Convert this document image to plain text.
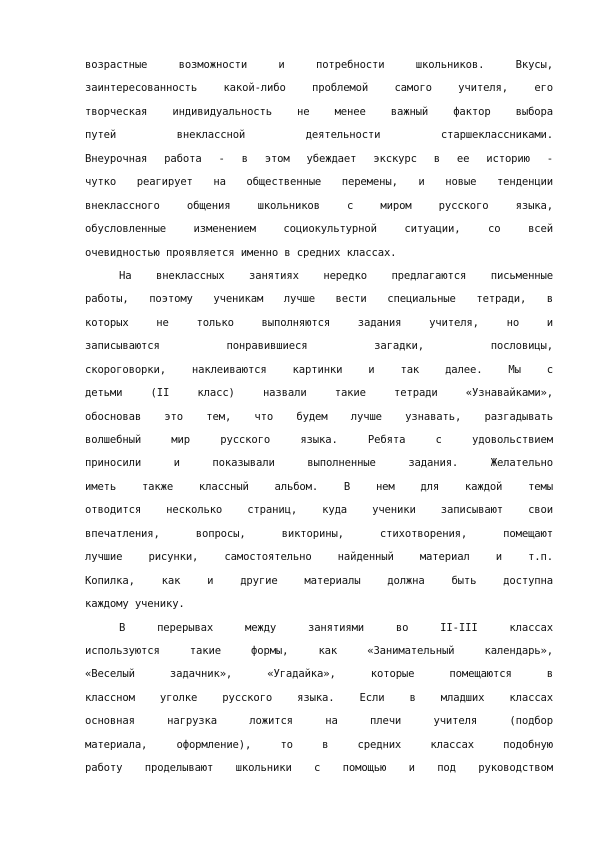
возрастные возможности и потребности школьников. Вкусы,
заинтересованность какой-либо проблемой самого учителя, его
творческая индивидуальность не менее важный фактор выбора
путей внеклассной деятельности старшеклассниками.
Внеурочная работа - в этом убеждает экскурс в ее историю -
чутко реагирует на общественные перемены, и новые тенденции
внеклассного общения школьников с миром русского языка,
обусловленные изменением социокультурной ситуации, со всей
очевидностью проявляется именно в средних классах.
На внеклассных занятиях нередко предлагаются письменные
работы, поэтому ученикам лучше вести специальные тетради, в
которых не только выполняются задания учителя, но и
записываются понравившиеся загадки, пословицы,
скороговорки, наклеиваются картинки и так далее. Мы с
детьми (II класс) назвали такие тетради «Узнавайками»,
обосновав это тем, что будем лучше узнавать, разгадывать
волшебный мир русского языка. Ребята с удовольствием
приносили и показывали выполненные задания. Желательно
иметь также классный альбом. В нем для каждой темы
отводится несколько страниц, куда ученики записывают свои
впечатления, вопросы, викторины, стихотворения, помещают
лучшие рисунки, самостоятельно найденный материал и т.п.
Копилка, как и другие материалы должна быть доступна
каждому ученику.
В перерывах между занятиями во II-III классах
используются такие формы, как «Занимательный календарь»,
«Веселый задачник», «Угадайка», которые помещаются в
классном уголке русского языка. Если в младших классах
основная нагрузка ложится на плечи учителя (подбор
материала, оформление), то в средних классах подобную
работу проделывают школьники с помощью и под руководством
